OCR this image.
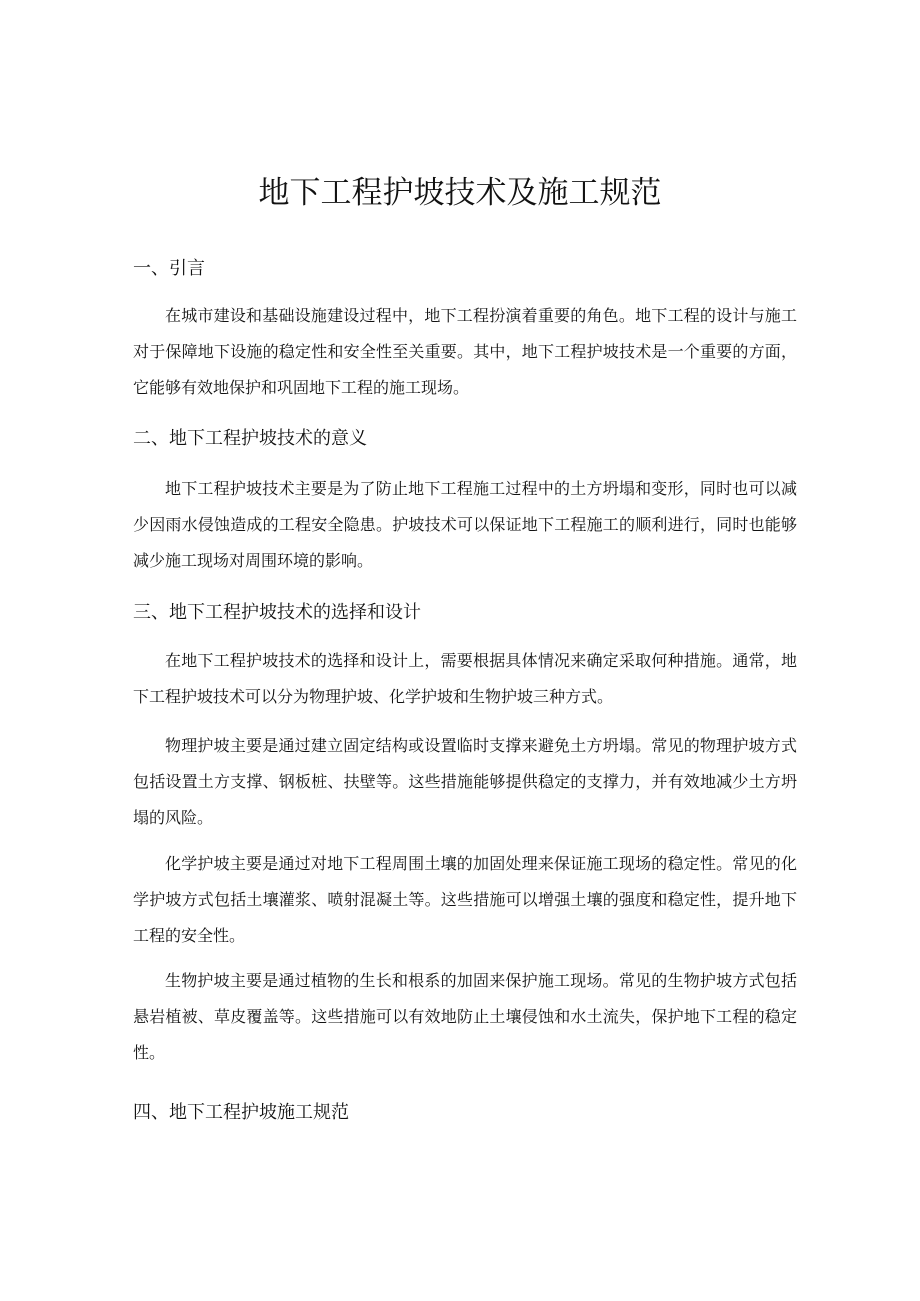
地下工程护坡技术及施工规范
一、引言

在城市建设和基础设施建设过程中，地下工程扮演着重要的角色。地下工程的设计与施工对于保障地下设施的稳定性和安全性至关重要。其中，地下工程护坡技术是一个重要的方面，它能够有效地保护和巩固地下工程的施工现场。

二、地下工程护坡技术的意义

地下工程护坡技术主要是为了防止地下工程施工过程中的土方坍塌和变形，同时也可以减少因雨水侵蚀造成的工程安全隐患。护坡技术可以保证地下工程施工的顺利进行，同时也能够减少施工现场对周围环境的影响。

三、地下工程护坡技术的选择和设计

在地下工程护坡技术的选择和设计上，需要根据具体情况来确定采取何种措施。通常，地下工程护坡技术可以分为物理护坡、化学护坡和生物护坡三种方式。

物理护坡主要是通过建立固定结构或设置临时支撑来避免土方坍塌。常见的物理护坡方式包括设置土方支撑、钢板桩、扶壁等。这些措施能够提供稳定的支撑力，并有效地减少土方坍塌的风险。

化学护坡主要是通过对地下工程周围土壤的加固处理来保证施工现场的稳定性。常见的化学护坡方式包括土壤灌浆、喷射混凝土等。这些措施可以增强土壤的强度和稳定性，提升地下工程的安全性。

生物护坡主要是通过植物的生长和根系的加固来保护施工现场。常见的生物护坡方式包括悬岩植被、草皮覆盖等。这些措施可以有效地防止土壤侵蚀和水土流失，保护地下工程的稳定性。

四、地下工程护坡施工规范
